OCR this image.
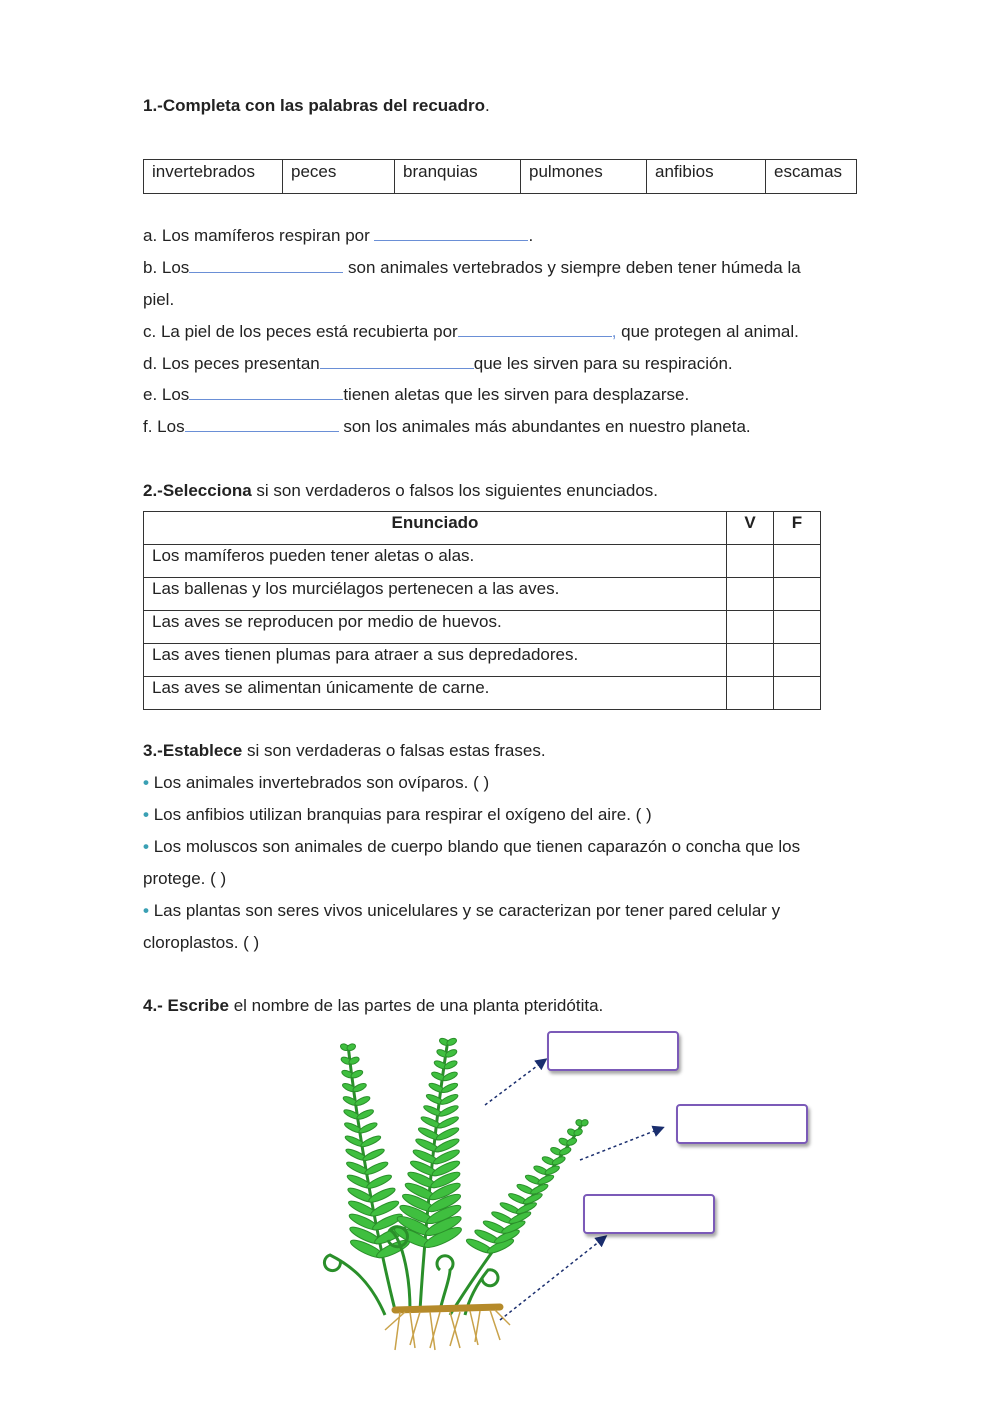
1.-Completa con las palabras del recuadro.
invertebrados	peces	branquias	pulmones	anfibios	escamas
a. Los mamíferos respiran por	.
b. Los	son animales vertebrados y siempre deben tener húmeda la
piel.
c. La piel de los peces está recubierta por	, que protegen al animal.
d. Los peces presentan	que les sirven para su respiración.
e. Los	tienen aletas que les sirven para desplazarse.
f. Los	son los animales más abundantes en nuestro planeta.
2.-Selecciona si son verdaderos o falsos los siguientes enunciados.
Enunciado	V	F
Los mamíferos pueden tener aletas o alas.		
Las ballenas y los murciélagos pertenecen a las aves.		
Las aves se reproducen por medio de huevos.		
Las aves tienen plumas para atraer a sus depredadores.		
Las aves se alimentan únicamente de carne.		
3.-Establece si son verdaderas o falsas estas frases.
• Los animales invertebrados son ovíparos. ( )
• Los anfibios utilizan branquias para respirar el oxígeno del aire. ( )
• Los moluscos son animales de cuerpo blando que tienen caparazón o concha que los
protege. ( )
• Las plantas son seres vivos unicelulares y se caracterizan por tener pared celular y
cloroplastos. ( )
4.- Escribe el nombre de las partes de una planta pteridótita.
